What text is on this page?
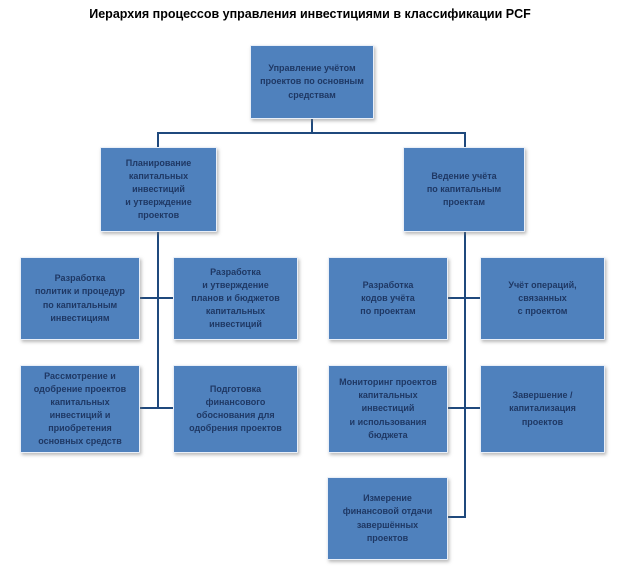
Иерархия процессов управления инвестициями в классификации PCF
Управление учётом
проектов по основным
средствам
Планирование
капитальных
инвестиций
и утверждение
проектов
Ведение учёта
по капитальным
проектам
Разработка
политик и процедур
по капитальным
инвестициям
Разработка
и утверждение
планов и бюджетов
капитальных
инвестиций
Рассмотрение и
одобрение проектов
капитальных
инвестиций и
приобретения
основных средств
Подготовка
финансового
обоснования для
одобрения проектов
Разработка
кодов учёта
по проектам
Учёт операций,
связанных
с проектом
Мониторинг проектов
капитальных
инвестиций
и использования
бюджета
Завершение /
капитализация
проектов
Измерение
финансовой отдачи
завершённых
проектов
